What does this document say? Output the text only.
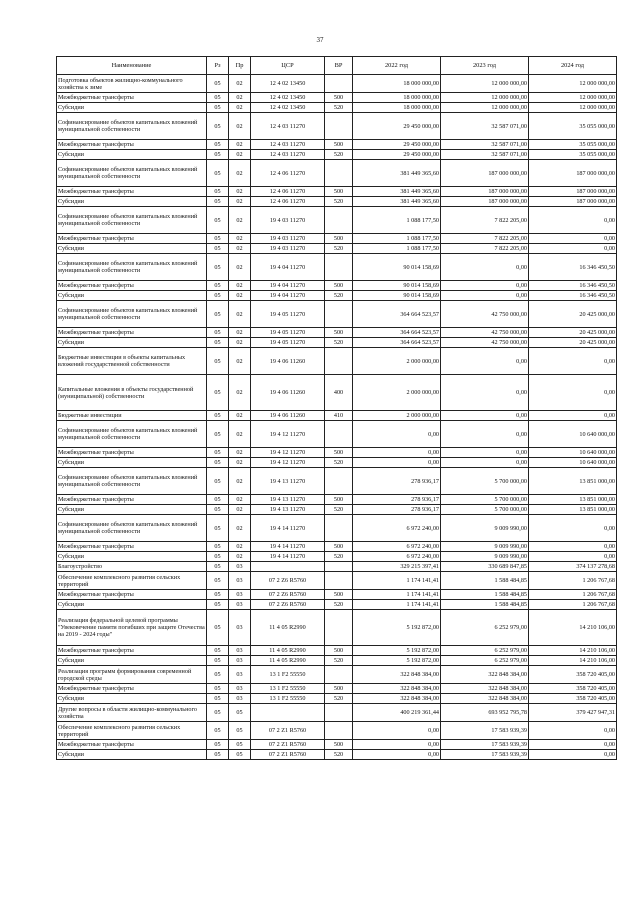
37
Наименование	Рз	Пр	ЦСР	ВР	2022 год	2023 год	2024 год
Подготовка объектов жилищно-коммунального хозяйства к зиме	05	02	12 4 02 13450		18 000 000,00	12 000 000,00	12 000 000,00
Межбюджетные трансферты	05	02	12 4 02 13450	500	18 000 000,00	12 000 000,00	12 000 000,00
Субсидии	05	02	12 4 02 13450	520	18 000 000,00	12 000 000,00	12 000 000,00
Софинансирование объектов капитальных вложений муниципальной собственности	05	02	12 4 03 11270		29 450 000,00	32 587 071,00	35 055 000,00
Межбюджетные трансферты	05	02	12 4 03 11270	500	29 450 000,00	32 587 071,00	35 055 000,00
Субсидии	05	02	12 4 03 11270	520	29 450 000,00	32 587 071,00	35 055 000,00
Софинансирование объектов капитальных вложений муниципальной собственности	05	02	12 4 06 11270		381 449 365,60	187 000 000,00	187 000 000,00
Межбюджетные трансферты	05	02	12 4 06 11270	500	381 449 365,60	187 000 000,00	187 000 000,00
Субсидии	05	02	12 4 06 11270	520	381 449 365,60	187 000 000,00	187 000 000,00
Софинансирование объектов капитальных вложений муниципальной собственности	05	02	19 4 03 11270		1 088 177,50	7 822 205,00	0,00
Межбюджетные трансферты	05	02	19 4 03 11270	500	1 088 177,50	7 822 205,00	0,00
Субсидии	05	02	19 4 03 11270	520	1 088 177,50	7 822 205,00	0,00
Софинансирование объектов капитальных вложений муниципальной собственности	05	02	19 4 04 11270		90 014 158,69	0,00	16 346 450,50
Межбюджетные трансферты	05	02	19 4 04 11270	500	90 014 158,69	0,00	16 346 450,50
Субсидии	05	02	19 4 04 11270	520	90 014 158,69	0,00	16 346 450,50
Софинансирование объектов капитальных вложений муниципальной собственности	05	02	19 4 05 11270		364 664 523,57	42 750 000,00	20 425 000,00
Межбюджетные трансферты	05	02	19 4 05 11270	500	364 664 523,57	42 750 000,00	20 425 000,00
Субсидии	05	02	19 4 05 11270	520	364 664 523,57	42 750 000,00	20 425 000,00
Бюджетные инвестиции в объекты капитальных вложений государственной собственности	05	02	19 4 06 11260		2 000 000,00	0,00	0,00
Капитальные вложения в объекты государственной (муниципальной) собственности	05	02	19 4 06 11260	400	2 000 000,00	0,00	0,00
Бюджетные инвестиции	05	02	19 4 06 11260	410	2 000 000,00	0,00	0,00
Софинансирование объектов капитальных вложений муниципальной собственности	05	02	19 4 12 11270		0,00	0,00	10 640 000,00
Межбюджетные трансферты	05	02	19 4 12 11270	500	0,00	0,00	10 640 000,00
Субсидии	05	02	19 4 12 11270	520	0,00	0,00	10 640 000,00
Софинансирование объектов капитальных вложений муниципальной собственности	05	02	19 4 13 11270		278 936,17	5 700 000,00	13 851 000,00
Межбюджетные трансферты	05	02	19 4 13 11270	500	278 936,17	5 700 000,00	13 851 000,00
Субсидии	05	02	19 4 13 11270	520	278 936,17	5 700 000,00	13 851 000,00
Софинансирование объектов капитальных вложений муниципальной собственности	05	02	19 4 14 11270		6 972 240,00	9 009 990,00	0,00
Межбюджетные трансферты	05	02	19 4 14 11270	500	6 972 240,00	9 009 990,00	0,00
Субсидии	05	02	19 4 14 11270	520	6 972 240,00	9 009 990,00	0,00
Благоустройство	05	03			329 215 397,41	330 689 847,85	374 137 278,68
Обеспечение комплексного развития сельских территорий	05	03	07 2 Z6 R5760		1 174 141,41	1 588 484,85	1 206 767,68
Межбюджетные трансферты	05	03	07 2 Z6 R5760	500	1 174 141,41	1 588 484,85	1 206 767,68
Субсидии	05	03	07 2 Z6 R5760	520	1 174 141,41	1 588 484,85	1 206 767,68
Реализация федеральной целевой программы "Увековечение памяти погибших при защите Отечества на 2019 - 2024 годы"	05	03	11 4 05 R2990		5 192 872,00	6 252 979,00	14 210 106,00
Межбюджетные трансферты	05	03	11 4 05 R2990	500	5 192 872,00	6 252 979,00	14 210 106,00
Субсидии	05	03	11 4 05 R2990	520	5 192 872,00	6 252 979,00	14 210 106,00
Реализация программ формирования современной городской среды	05	03	13 1 F2 55550		322 848 384,00	322 848 384,00	358 720 405,00
Межбюджетные трансферты	05	03	13 1 F2 55550	500	322 848 384,00	322 848 384,00	358 720 405,00
Субсидии	05	03	13 1 F2 55550	520	322 848 384,00	322 848 384,00	358 720 405,00
Другие вопросы в области жилищно-коммунального хозяйства	05	05			400 219 361,44	693 952 795,78	379 427 947,31
Обеспечение комплексного развития сельских территорий	05	05	07 2 Z1 R5760		0,00	17 583 939,39	0,00
Межбюджетные трансферты	05	05	07 2 Z1 R5760	500	0,00	17 583 939,39	0,00
Субсидии	05	05	07 2 Z1 R5760	520	0,00	17 583 939,39	0,00
